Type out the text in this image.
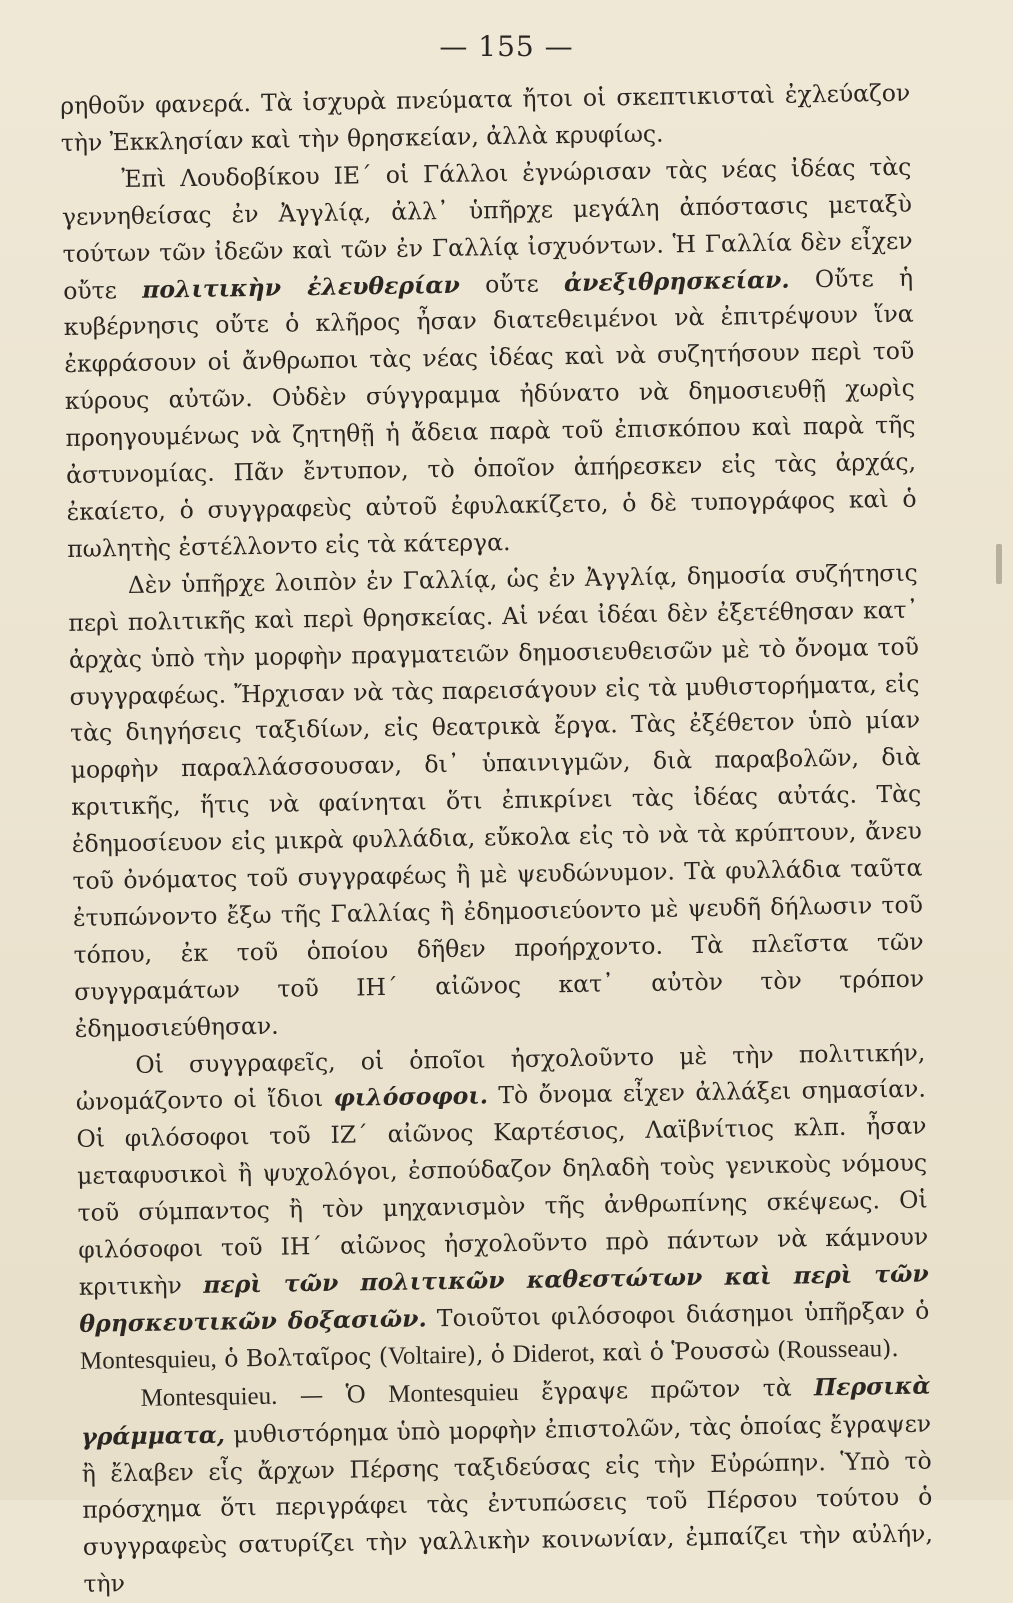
— 155 —

ρηθοῦν φανερά. Τὰ ἰσχυρὰ πνεύματα ἤτοι οἱ σκεπτικισταὶ ἐχλεύαζον τὴν Ἐκκλησίαν καὶ τὴν θρησκείαν, ἀλλὰ κρυφίως.

Ἐπὶ Λουδοβίκου ΙΕ΄ οἱ Γάλλοι ἐγνώρισαν τὰς νέας ἰδέας τὰς γεννηθείσας ἐν Ἀγγλίᾳ, ἀλλ᾽ ὑπῆρχε μεγάλη ἀπόστασις μεταξὺ τούτων τῶν ἰδεῶν καὶ τῶν ἐν Γαλλίᾳ ἰσχυόντων. Ἡ Γαλλία δὲν εἶχεν οὔτε πολιτικὴν ἐλευθερίαν οὔτε ἀνεξιθρησκείαν. Οὔτε ἡ κυβέρνησις οὔτε ὁ κλῆρος ἦσαν διατεθειμένοι νὰ ἐπιτρέψουν ἵνα ἐκφράσουν οἱ ἄνθρωποι τὰς νέας ἰδέας καὶ νὰ συζητήσουν περὶ τοῦ κύρους αὐτῶν. Οὐδὲν σύγγραμμα ἠδύνατο νὰ δημοσιευθῇ χωρὶς προηγουμένως νὰ ζητηθῇ ἡ ἄδεια παρὰ τοῦ ἐπισκόπου καὶ παρὰ τῆς ἀστυνομίας. Πᾶν ἔντυπον, τὸ ὁποῖον ἀπήρεσκεν εἰς τὰς ἀρχάς, ἐκαίετο, ὁ συγγραφεὺς αὐτοῦ ἐφυλακίζετο, ὁ δὲ τυπογράφος καὶ ὁ πωλητὴς ἐστέλλοντο εἰς τὰ κάτεργα.

Δὲν ὑπῆρχε λοιπὸν ἐν Γαλλίᾳ, ὡς ἐν Ἀγγλίᾳ, δημοσία συζήτησις περὶ πολιτικῆς καὶ περὶ θρησκείας. Αἱ νέαι ἰδέαι δὲν ἐξετέθησαν κατ᾽ ἀρχὰς ὑπὸ τὴν μορφὴν πραγματειῶν δημοσιευθεισῶν μὲ τὸ ὄνομα τοῦ συγγραφέως. Ἤρχισαν νὰ τὰς παρεισάγουν εἰς τὰ μυθιστορήματα, εἰς τὰς διηγήσεις ταξιδίων, εἰς θεατρικὰ ἔργα. Τὰς ἐξέθετον ὑπὸ μίαν μορφὴν παραλλάσσουσαν, δι᾽ ὑπαινιγμῶν, διὰ παραβολῶν, διὰ κριτικῆς, ἥτις νὰ φαίνηται ὅτι ἐπικρίνει τὰς ἰδέας αὐτάς. Τὰς ἐδημοσίευον εἰς μικρὰ φυλλάδια, εὔκολα εἰς τὸ νὰ τὰ κρύπτουν, ἄνευ τοῦ ὀνόματος τοῦ συγγραφέως ἢ μὲ ψευδώνυμον. Τὰ φυλλάδια ταῦτα ἐτυπώνοντο ἔξω τῆς Γαλλίας ἢ ἐδημοσιεύοντο μὲ ψευδῆ δήλωσιν τοῦ τόπου, ἐκ τοῦ ὁποίου δῆθεν προήρχοντο. Τὰ πλεῖστα τῶν συγγραμάτων τοῦ ΙΗ΄ αἰῶνος κατ᾽ αὐτὸν τὸν τρόπον ἐδημοσιεύθησαν.

Οἱ συγγραφεῖς, οἱ ὁποῖοι ἠσχολοῦντο μὲ τὴν πολιτικήν, ὠνομάζοντο οἱ ἴδιοι φιλόσοφοι. Τὸ ὄνομα εἶχεν ἀλλάξει σημασίαν. Οἱ φιλόσοφοι τοῦ ΙΖ΄ αἰῶνος Καρτέσιος, Λαϊβνίτιος κλπ. ἦσαν μεταφυσικοὶ ἢ ψυχολόγοι, ἐσπούδαζον δηλαδὴ τοὺς γενικοὺς νόμους τοῦ σύμπαντος ἢ τὸν μηχανισμὸν τῆς ἀνθρωπίνης σκέψεως. Οἱ φιλόσοφοι τοῦ ΙΗ΄ αἰῶνος ἠσχολοῦντο πρὸ πάντων νὰ κάμνουν κριτικὴν περὶ τῶν πολιτικῶν καθεστώτων καὶ περὶ τῶν θρησκευτικῶν δοξασιῶν. Τοιοῦτοι φιλόσοφοι διάσημοι ὑπῆρξαν ὁ Montesquieu, ὁ Βολταῖρος (Voltaire), ὁ Diderot, καὶ ὁ Ῥουσσὼ (Rousseau).

Montesquieu. — Ὁ Montesquieu ἔγραψε πρῶτον τὰ Περσικὰ γράμματα, μυθιστόρημα ὑπὸ μορφὴν ἐπιστολῶν, τὰς ὁποίας ἔγραψεν ἢ ἔλαβεν εἷς ἄρχων Πέρσης ταξιδεύσας εἰς τὴν Εὐρώπην. Ὑπὸ τὸ πρόσχημα ὅτι περιγράφει τὰς ἐντυπώσεις τοῦ Πέρσου τούτου ὁ συγγραφεὺς σατυρίζει τὴν γαλλικὴν κοινωνίαν, ἐμπαίζει τὴν αὐλήν, τὴν
